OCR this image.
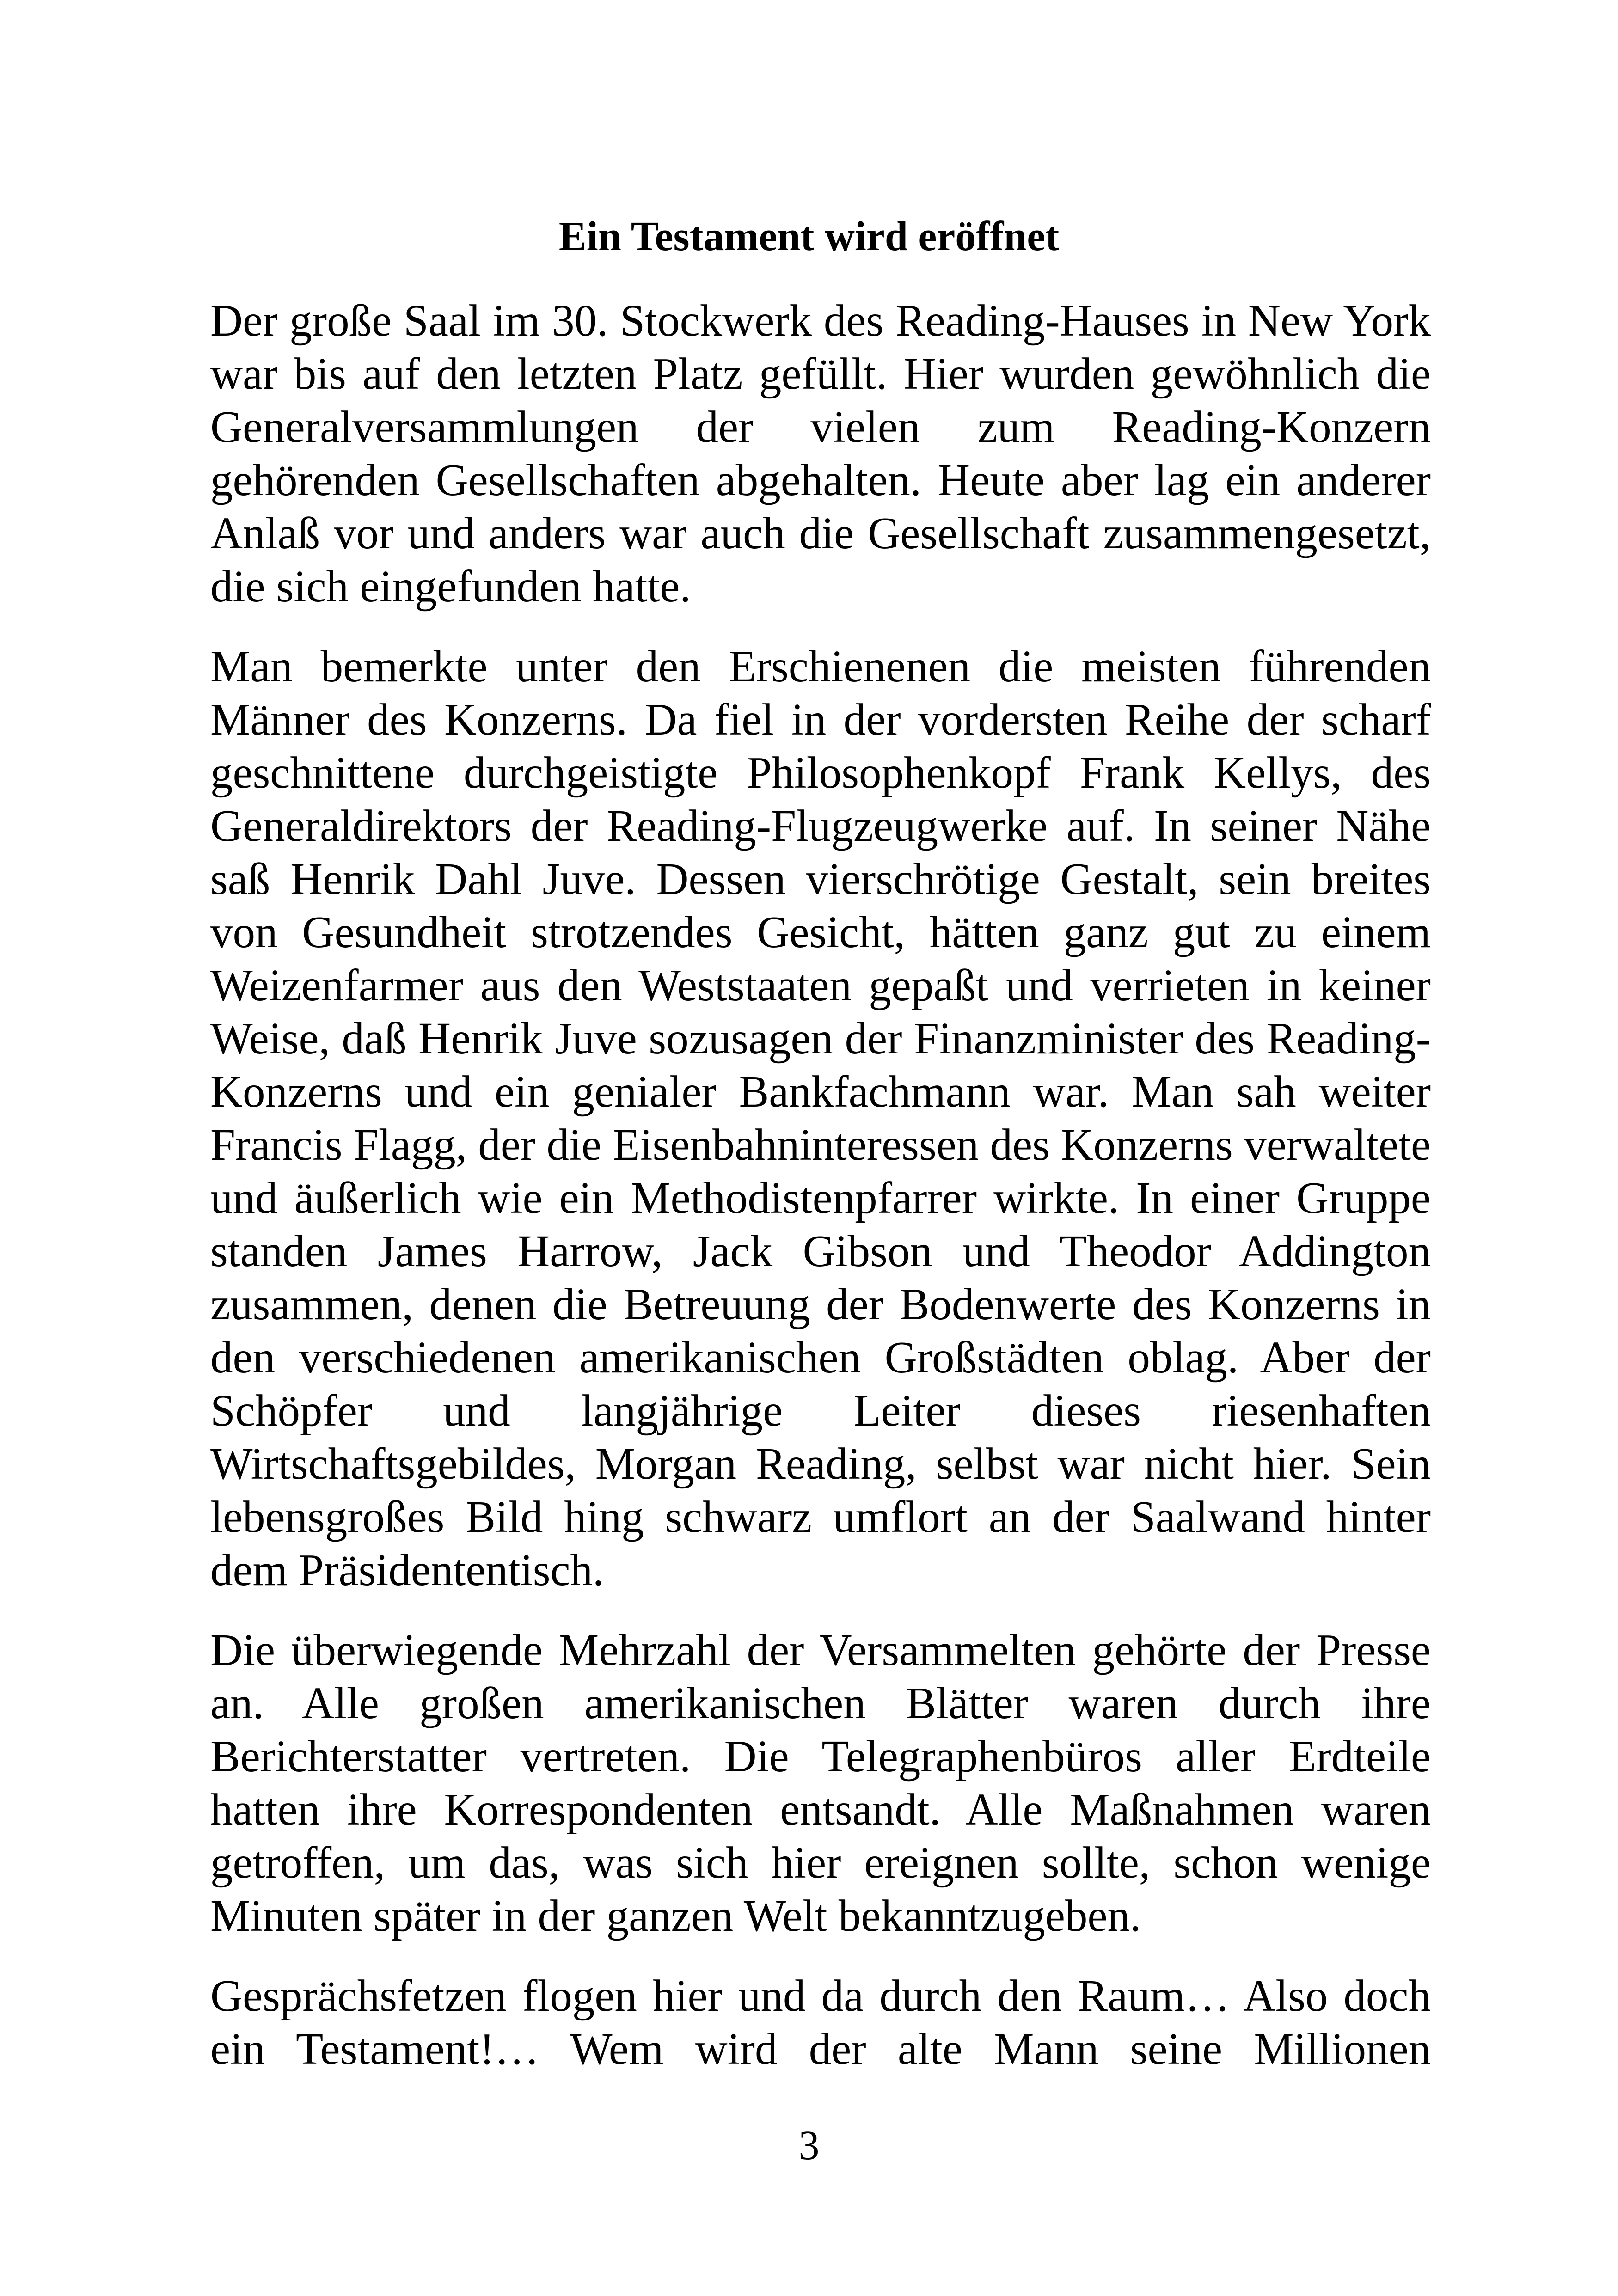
Ein Testament wird eröffnet

Der große Saal im 30. Stockwerk des Reading-Hauses in New York war bis auf den letzten Platz gefüllt. Hier wurden gewöhnlich die Generalversammlungen der vielen zum Reading-Konzern gehörenden Gesellschaften abgehalten. Heute aber lag ein anderer Anlaß vor und anders war auch die Gesellschaft zusammengesetzt, die sich eingefunden hatte.

Man bemerkte unter den Erschienenen die meisten führenden Männer des Konzerns. Da fiel in der vordersten Reihe der scharf geschnittene durchgeistigte Philosophenkopf Frank Kellys, des Generaldirektors der Reading-Flugzeugwerke auf. In seiner Nähe saß Henrik Dahl Juve. Dessen vierschrötige Gestalt, sein breites von Gesundheit strotzendes Gesicht, hätten ganz gut zu einem Weizenfarmer aus den Weststaaten gepaßt und verrieten in keiner Weise, daß Henrik Juve sozusagen der Finanzminister des Reading-Konzerns und ein genialer Bankfachmann war. Man sah weiter Francis Flagg, der die Eisenbahninteressen des Konzerns verwaltete und äußerlich wie ein Methodistenpfarrer wirkte. In einer Gruppe standen James Harrow, Jack Gibson und Theodor Addington zusammen, denen die Betreuung der Bodenwerte des Konzerns in den verschiedenen amerikanischen Großstädten oblag. Aber der Schöpfer und langjährige Leiter dieses riesenhaften Wirtschaftsgebildes, Morgan Reading, selbst war nicht hier. Sein lebensgroßes Bild hing schwarz umflort an der Saalwand hinter dem Präsidententisch.

Die überwiegende Mehrzahl der Versammelten gehörte der Presse an. Alle großen amerikanischen Blätter waren durch ihre Berichterstatter vertreten. Die Telegraphenbüros aller Erdteile hatten ihre Korrespondenten entsandt. Alle Maßnahmen waren getroffen, um das, was sich hier ereignen sollte, schon wenige Minuten später in der ganzen Welt bekanntzugeben.

Gesprächsfetzen flogen hier und da durch den Raum… Also doch ein Testament!… Wem wird der alte Mann seine Millionen

3
